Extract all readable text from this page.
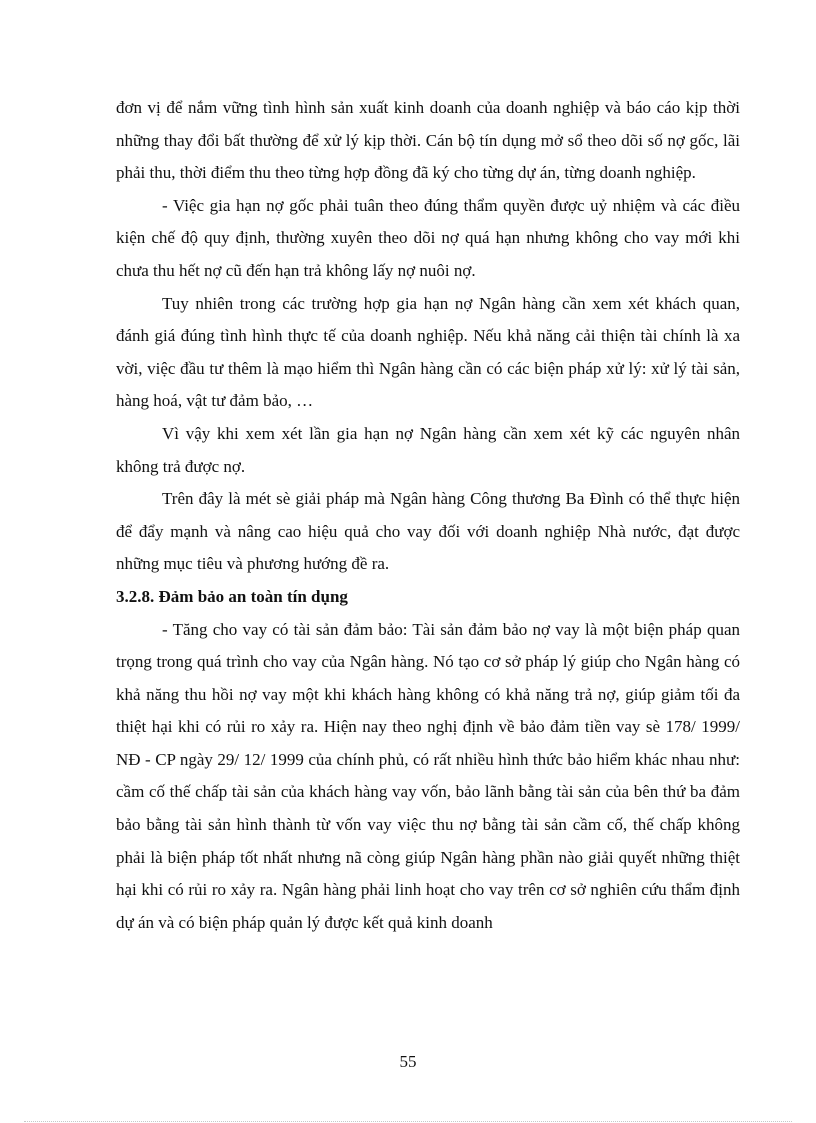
đơn vị để nắm vững tình hình sản xuất kinh doanh của doanh nghiệp và báo cáo kịp thời những thay đổi bất thường để xử lý kịp thời. Cán bộ tín dụng mở sổ theo dõi số nợ gốc, lãi phải thu, thời điểm thu theo từng hợp đồng đã ký cho từng dự án, từng doanh nghiệp.

- Việc gia hạn nợ gốc phải tuân theo đúng thẩm quyền được uỷ nhiệm và các điều kiện chế độ quy định, thường xuyên theo dõi nợ quá hạn nhưng không cho vay mới khi chưa thu hết nợ cũ đến hạn trả không lấy nợ nuôi nợ.

Tuy nhiên trong các trường hợp gia hạn nợ Ngân hàng cần xem xét khách quan, đánh giá đúng tình hình thực tế của doanh nghiệp. Nếu khả năng cải thiện tài chính là xa vời, việc đầu tư thêm là mạo hiểm thì Ngân hàng cần có các biện pháp xử lý: xử lý tài sản, hàng hoá, vật tư đảm bảo, …

Vì vậy khi xem xét lần gia hạn nợ Ngân hàng cần xem xét kỹ các nguyên nhân không trả được nợ.

Trên đây là mét sè giải pháp mà Ngân hàng Công thương Ba Đình có thể thực hiện để đẩy mạnh và nâng cao hiệu quả cho vay đối với doanh nghiệp Nhà nước, đạt được những mục tiêu và phương hướng đề ra.

3.2.8. Đảm bảo an toàn tín dụng

- Tăng cho vay có tài sản đảm bảo: Tài sản đảm bảo nợ vay là một biện pháp quan trọng trong quá trình cho vay của Ngân hàng. Nó tạo cơ sở pháp lý giúp cho Ngân hàng có khả năng thu hồi nợ vay một khi khách hàng không có khả năng trả nợ, giúp giảm tối đa thiệt hại khi có rủi ro xảy ra. Hiện nay theo nghị định về bảo đảm tiền vay sè 178/ 1999/ NĐ - CP ngày 29/ 12/ 1999 của chính phủ, có rất nhiều hình thức bảo hiểm khác nhau như: cầm cố thế chấp tài sản của khách hàng vay vốn, bảo lãnh bằng tài sản của bên thứ ba đảm bảo bằng tài sản hình thành từ vốn vay việc thu nợ bằng tài sản cầm cố, thế chấp không phải là biện pháp tốt nhất nhưng nã còng giúp Ngân hàng phần nào giải quyết những thiệt hại khi có rủi ro xảy ra. Ngân hàng phải linh hoạt cho vay trên cơ sở nghiên cứu thẩm định dự án và có biện pháp quản lý được kết quả kinh doanh

55
